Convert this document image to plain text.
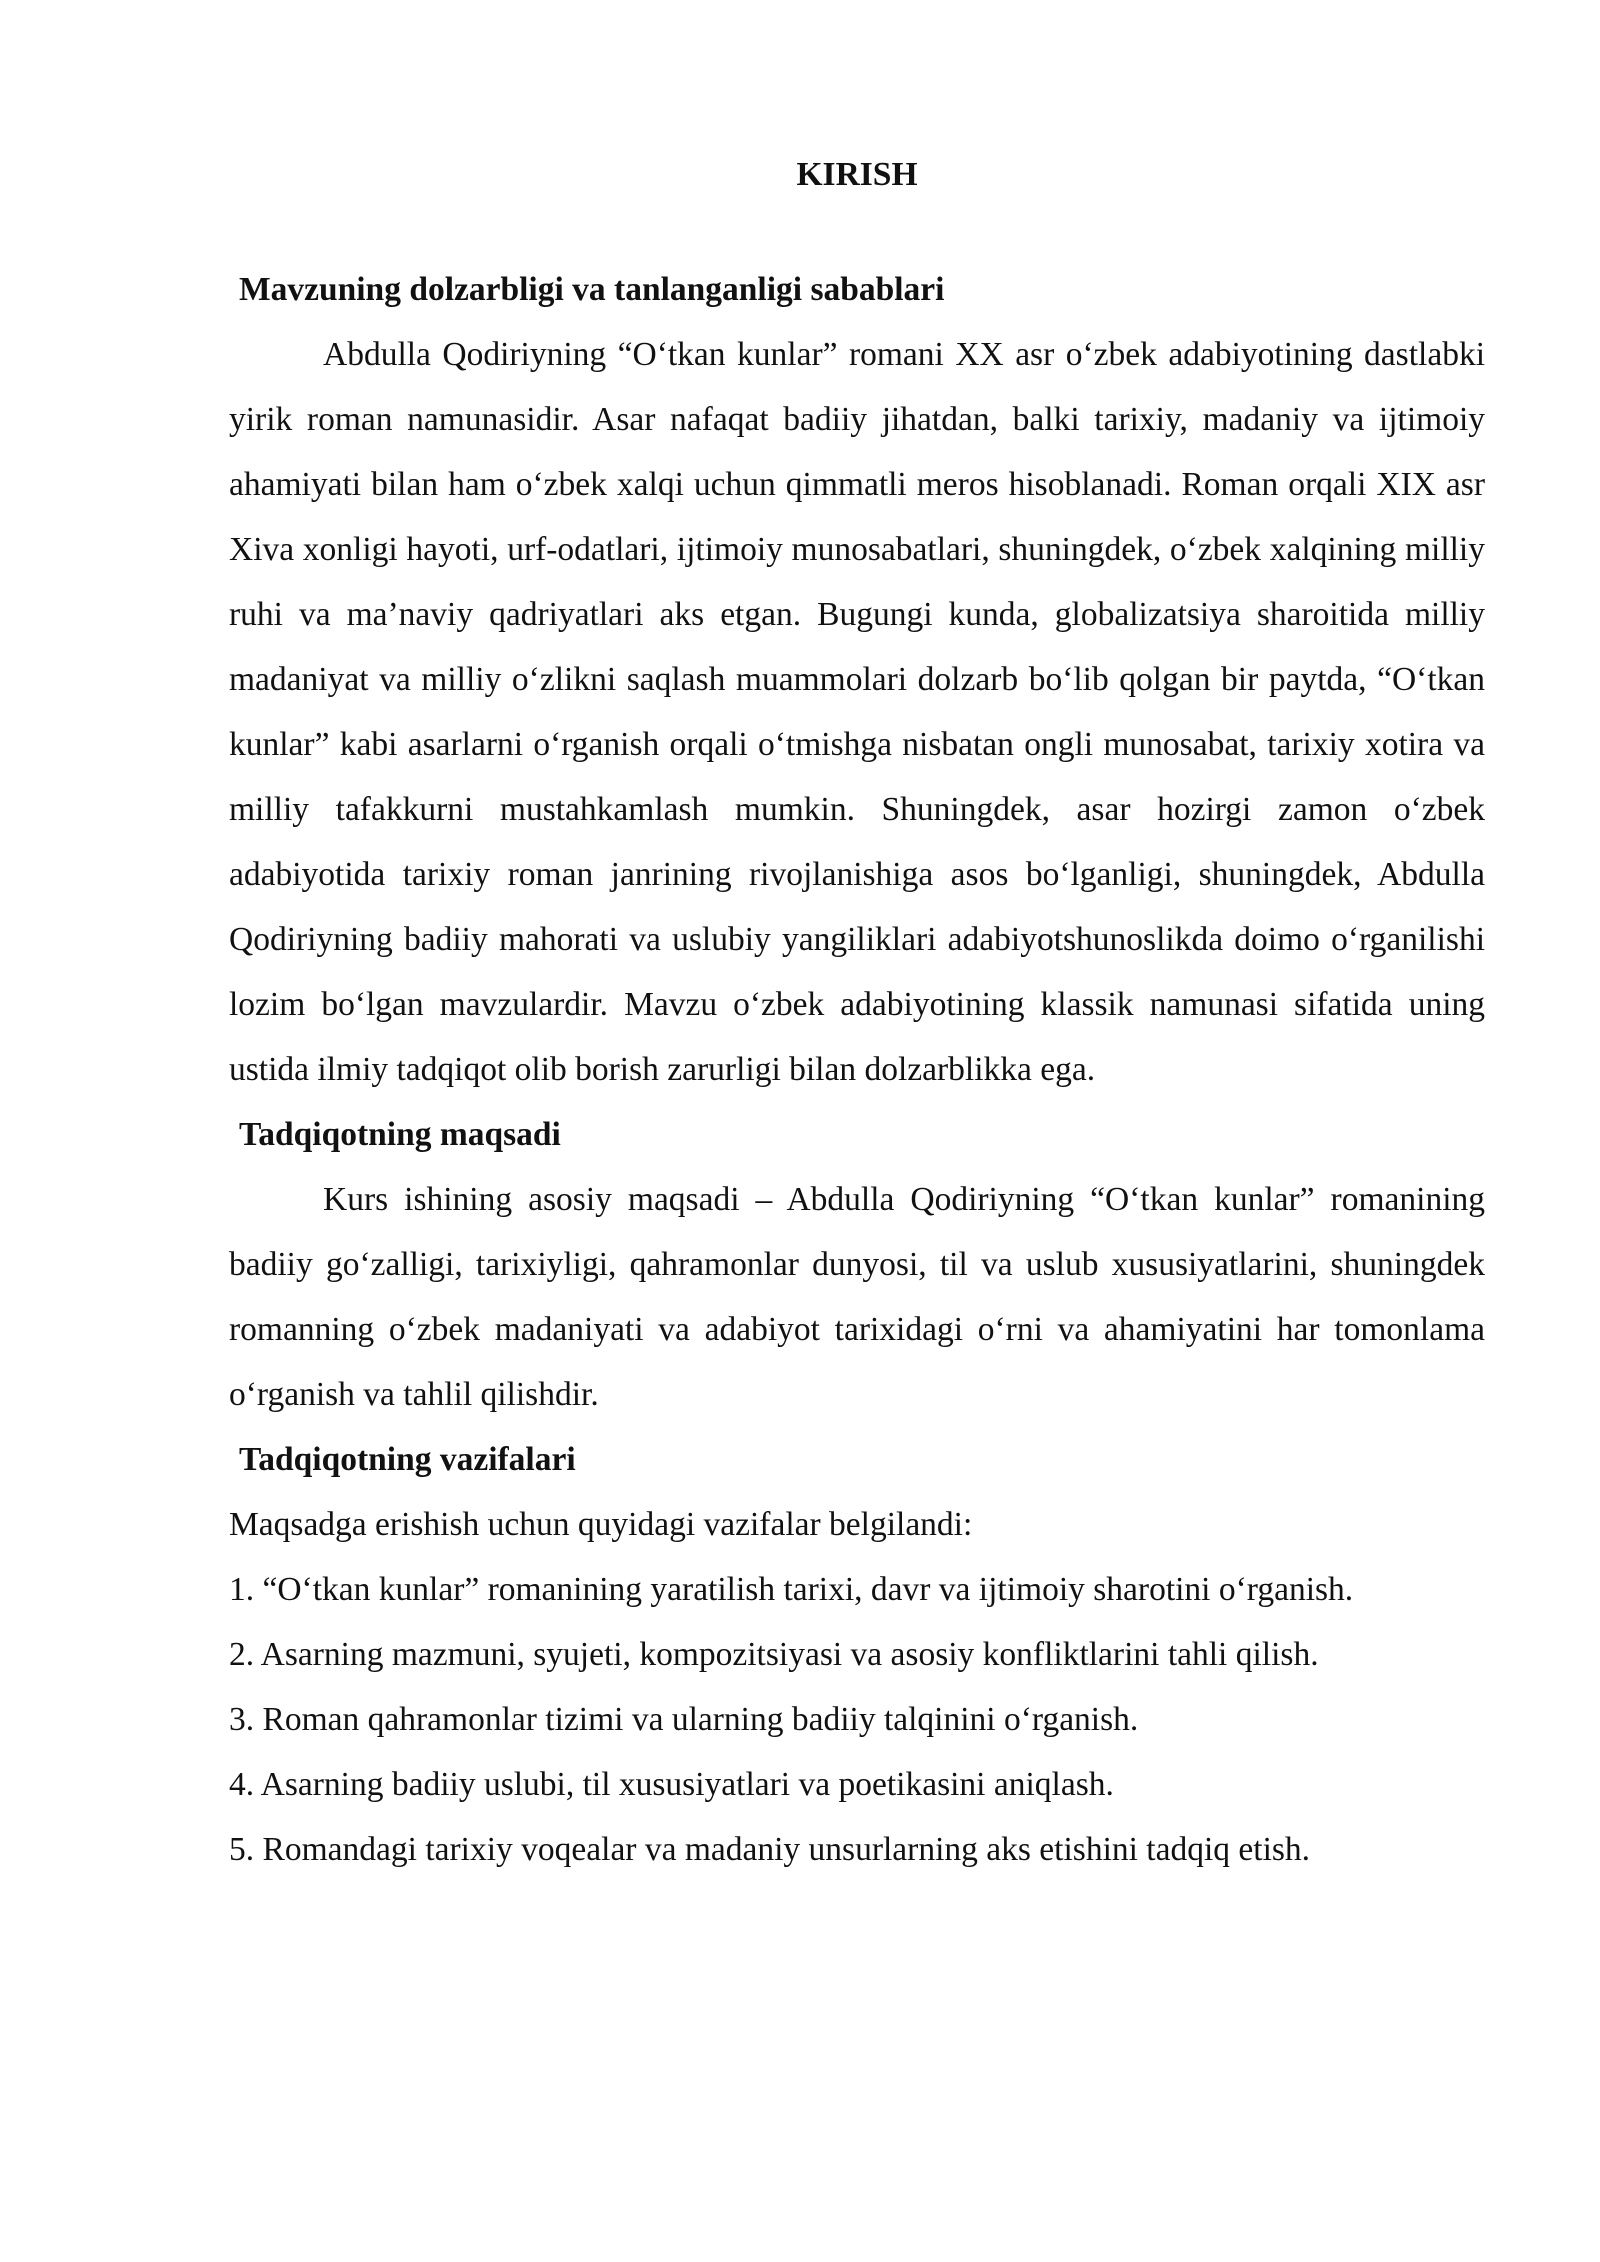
KIRISH

Mavzuning dolzarbligi va tanlanganligi sabablari

Abdulla Qodiriyning “O‘tkan kunlar” romani XX asr o‘zbek adabiyotining dastlabki yirik roman namunasidir. Asar nafaqat badiiy jihatdan, balki tarixiy, madaniy va ijtimoiy ahamiyati bilan ham o‘zbek xalqi uchun qimmatli meros hisoblanadi. Roman orqali XIX asr Xiva xonligi hayoti, urf-odatlari, ijtimoiy munosabatlari, shuningdek, o‘zbek xalqining milliy ruhi va ma’naviy qadriyatlari aks etgan. Bugungi kunda, globalizatsiya sharoitida milliy madaniyat va milliy o‘zlikni saqlash muammolari dolzarb bo‘lib qolgan bir paytda, “O‘tkan kunlar” kabi asarlarni o‘rganish orqali o‘tmishga nisbatan ongli munosabat, tarixiy xotira va milliy tafakkurni mustahkamlash mumkin. Shuningdek, asar hozirgi zamon o‘zbek adabiyotida tarixiy roman janrining rivojlanishiga asos bo‘lganligi, shuningdek, Abdulla Qodiriyning badiiy mahorati va uslubiy yangiliklari adabiyotshunoslikda doimo o‘rganilishi lozim bo‘lgan mavzulardir. Mavzu o‘zbek adabiyotining klassik namunasi sifatida uning ustida ilmiy tadqiqot olib borish zarurligi bilan dolzarblikka ega.

Tadqiqotning maqsadi

Kurs ishining asosiy maqsadi – Abdulla Qodiriyning “O‘tkan kunlar” romanining badiiy go‘zalligi, tarixiyligi, qahramonlar dunyosi, til va uslub xususiyatlarini, shuningdek romanning o‘zbek madaniyati va adabiyot tarixidagi o‘rni va ahamiyatini har tomonlama o‘rganish va tahlil qilishdir.

Tadqiqotning vazifalari

Maqsadga erishish uchun quyidagi vazifalar belgilandi:

1. “O‘tkan kunlar” romanining yaratilish tarixi, davr va ijtimoiy sharotini o‘rganish.
2. Asarning mazmuni, syujeti, kompozitsiyasi va asosiy konfliktlarini tahli qilish.
3. Roman qahramonlar tizimi va ularning badiiy talqinini o‘rganish.
4. Asarning badiiy uslubi, til xususiyatlari va poetikasini aniqlash.
5. Romandagi tarixiy voqealar va madaniy unsurlarning aks etishini tadqiq etish.
